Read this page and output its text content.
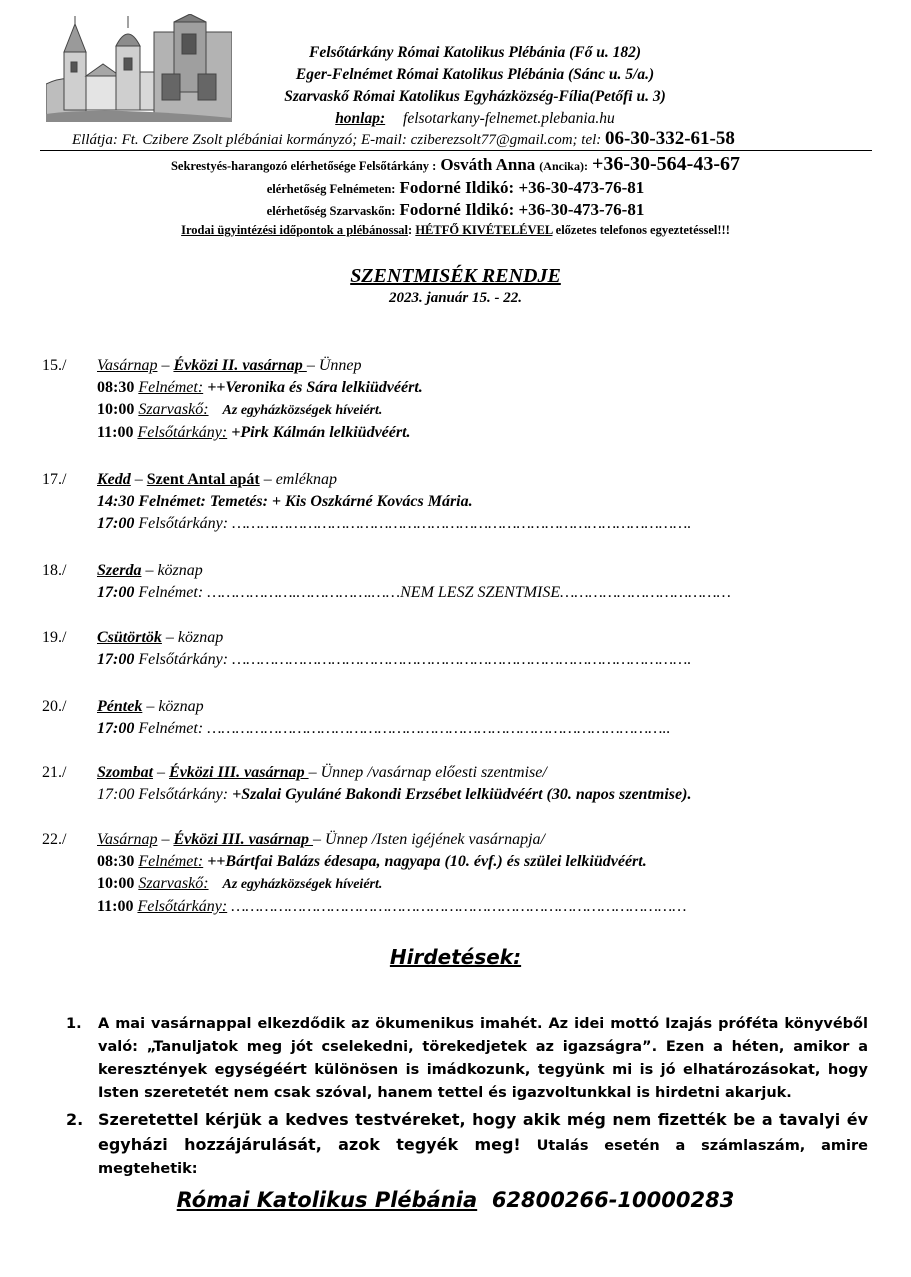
Felsőtárkány Római Katolikus Plébánia (Fő u. 182)
Eger-Felnémet Római Katolikus Plébánia (Sánc u. 5/a.)
Szarvaskő Római Katolikus Egyházközség-Fília(Petőfi u. 3)
honlap: felsotarkany-felnemet.plebania.hu
Ellátja: Ft. Czibere Zsolt plébániai kormányzó; E-mail: cziberezsolt77@gmail.com; tel: 06-30-332-61-58
Sekrestyés-harangozó elérhetősége Felsőtárkány : Osváth Anna (Ancika): +36-30-564-43-67
elérhetőség Felnémeten: Fodorné Ildikó: +36-30-473-76-81
elérhetőség Szarvaskőn: Fodorné Ildikó: +36-30-473-76-81
Irodai ügyintézési időpontok a plébánossal: HÉTFŐ KIVÉTELÉVEL előzetes telefonos egyeztetéssel!!!
SZENTMISÉK RENDJE
2023. január 15. - 22.
15./ Vasárnap – Évközi II. vasárnap – Ünnep
08:30 Felnémet: ++Veronika és Sára lelkiüdvéért.
10:00 Szarvaskő: Az egyházközségek híveiért.
11:00 Felsőtárkány: +Pirk Kálmán lelkiüdvéért.
17./ Kedd – Szent Antal apát – emléknap
14:30 Felnémet: Temetés: + Kis Oszkárné Kovács Mária.
17:00 Felsőtárkány: …………………………………………………………………………………….
18./ Szerda – köznap
17:00 Felnémet: ……………….…………….……NEM LESZ SZENTMISE………………………………
19./ Csütörtök – köznap
17:00 Felsőtárkány: …………………………………………………………………………………….
20./ Péntek – köznap
17:00 Felnémet: ……………………………………………………………………………………..
21./ Szombat – Évközi III. vasárnap – Ünnep /vasárnap előesti szentmise/
17:00 Felsőtárkány: +Szalai Gyuláné Bakondi Erzsébet lelkiüdvéért (30. napos szentmise).
22./ Vasárnap – Évközi III. vasárnap – Ünnep /Isten igéjének vasárnapja/
08:30 Felnémet: ++Bártfai Balázs édesapa, nagyapa (10. évf.) és szülei lelkiüdvéért.
10:00 Szarvaskő: Az egyházközségek híveiért.
11:00 Felsőtárkány: ……………………………………………………………………………………
Hirdetések:
1. A mai vasárnappal elkezdődik az ökumenikus imahét. Az idei mottó Izajás próféta könyvéből való: „Tanuljatok meg jót cselekedni, törekedjetek az igazságra”. Ezen a héten, amikor a keresztények egységéért különösen is imádkozunk, tegyünk mi is jó elhatározásokat, hogy Isten szeretetét nem csak szóval, hanem tettel és igazvoltunkkal is hirdetni akarjuk.
2. Szeretettel kérjük a kedves testvéreket, hogy akik még nem fizették be a tavalyi év egyházi hozzájárulását, azok tegyék meg! Utalás esetén a számlaszám, amire megtehetik:
Római Katolikus Plébánia 62800266-10000283
